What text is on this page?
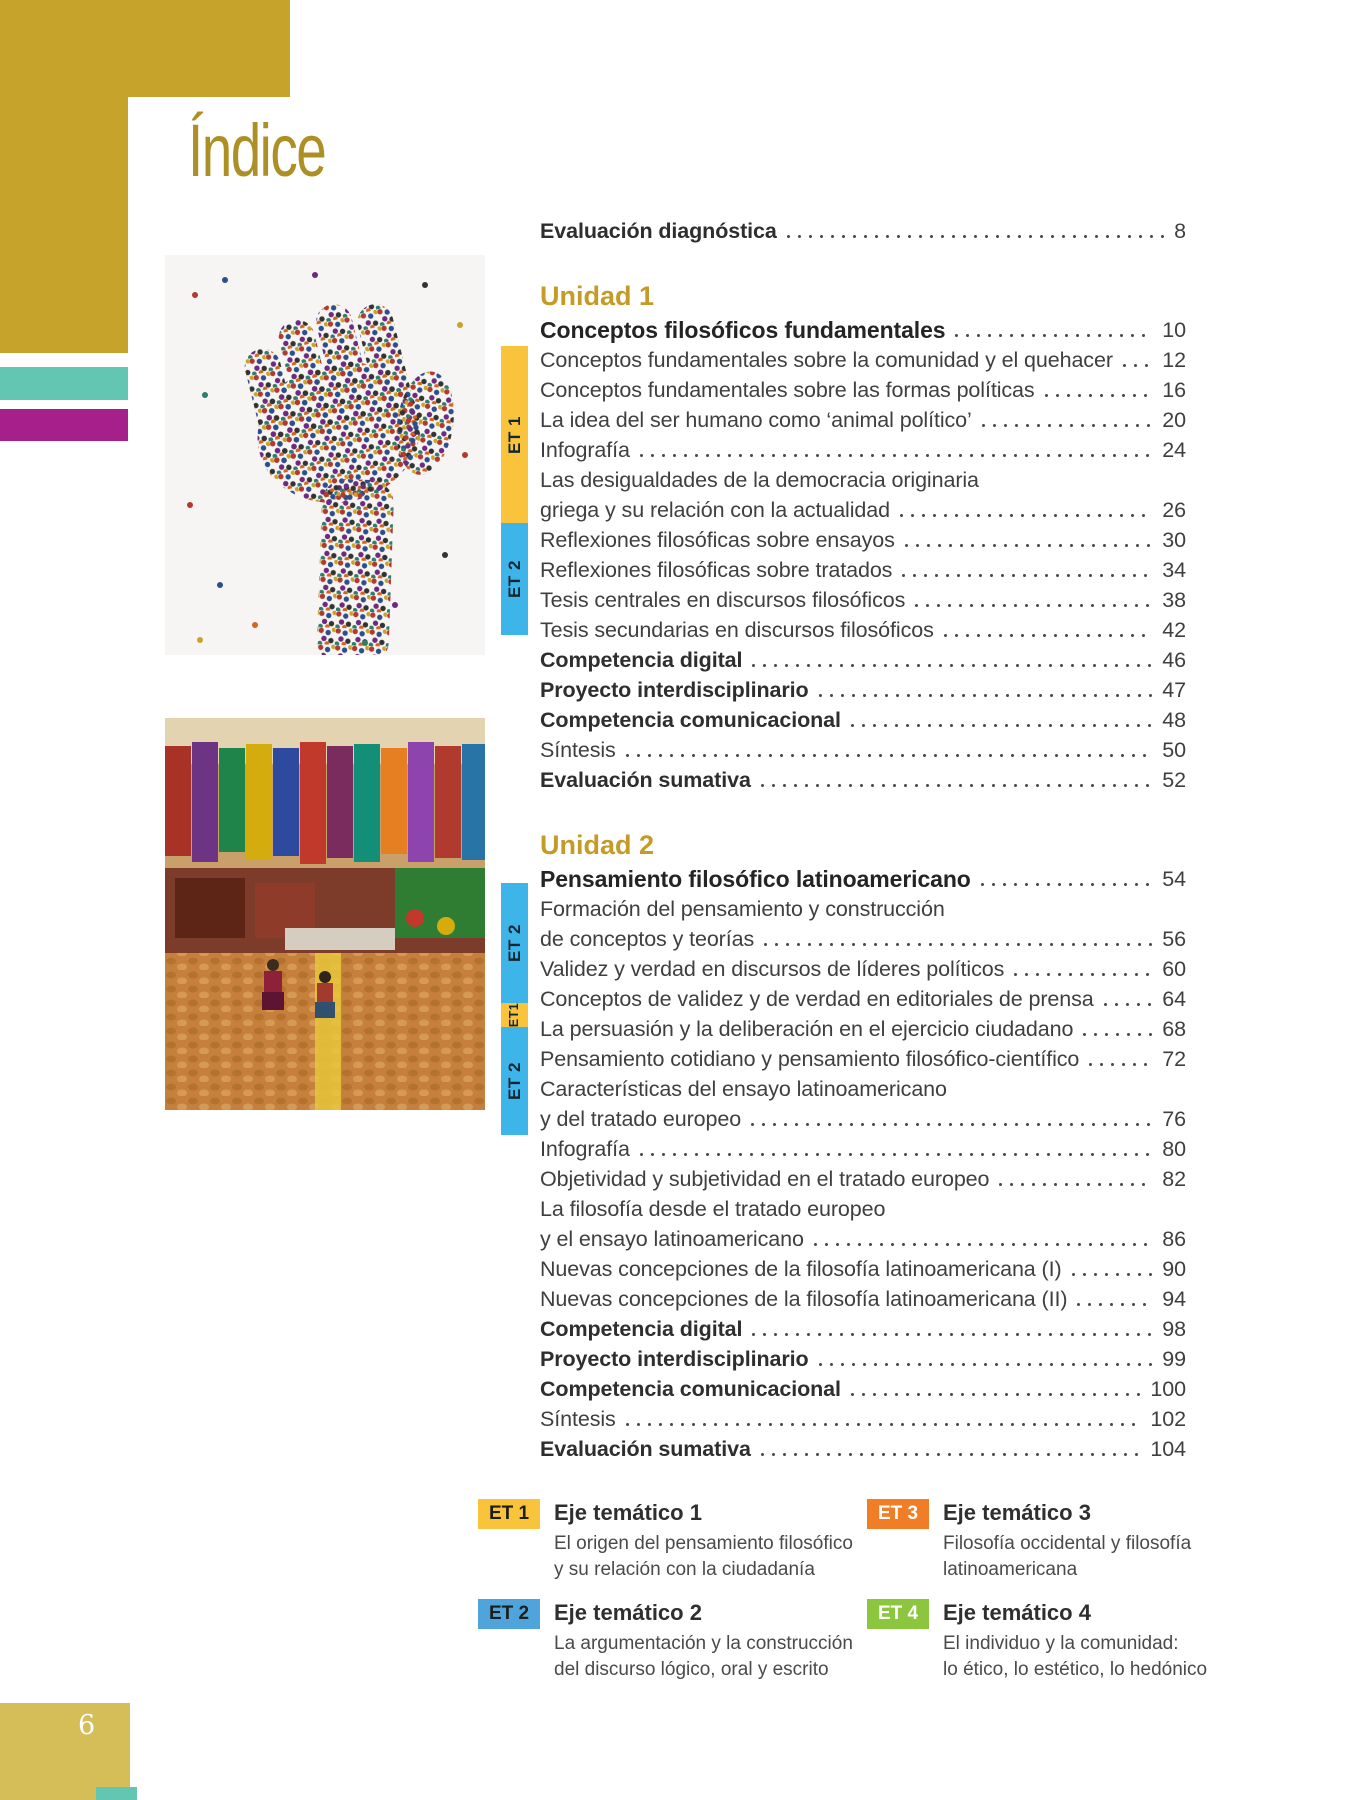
Índice
ET 1
ET 2
ET 2
ET1
ET 2
Evaluación diagnóstica	8
Unidad 1
Conceptos filosóficos fundamentales	10
Conceptos fundamentales sobre la comunidad y el quehacer 12
Conceptos fundamentales sobre las formas políticas	16
La idea del ser humano como ‘animal político’	20
Infografía	24
Las desigualdades de la democracia originaria
griega y su relación con la actualidad	26
Reflexiones filosóficas sobre ensayos	30
Reflexiones filosóficas sobre tratados	34
Tesis centrales en discursos filosóficos	38
Tesis secundarias en discursos filosóficos	42
Competencia digital	46
Proyecto interdisciplinario	47
Competencia comunicacional	48
Síntesis	50
Evaluación sumativa	52
Unidad 2
Pensamiento filosófico latinoamericano	54
Formación del pensamiento y construcción
de conceptos y teorías	56
Validez y verdad en discursos de líderes políticos	60
Conceptos de validez y de verdad en editoriales de prensa	64
La persuasión y la deliberación en el ejercicio ciudadano	68
Pensamiento cotidiano y pensamiento filosófico-científico	72
Características del ensayo latinoamericano
y del tratado europeo	76
Infografía	80
Objetividad y subjetividad en el tratado europeo	82
La filosofía desde el tratado europeo
y el ensayo latinoamericano	86
Nuevas concepciones de la filosofía latinoamericana (I)	90
Nuevas concepciones de la filosofía latinoamericana (II)	94
Competencia digital	98
Proyecto interdisciplinario	99
Competencia comunicacional	100
Síntesis	102
Evaluación sumativa	104
ET 1	Eje temático 1
El origen del pensamiento filosófico
y su relación con la ciudadanía
ET 2	Eje temático 2
La argumentación y la construcción
del discurso lógico, oral y escrito
ET 3	Eje temático 3
Filosofía occidental y filosofía
latinoamericana
ET 4	Eje temático 4
El individuo y la comunidad:
lo ético, lo estético, lo hedónico
6
